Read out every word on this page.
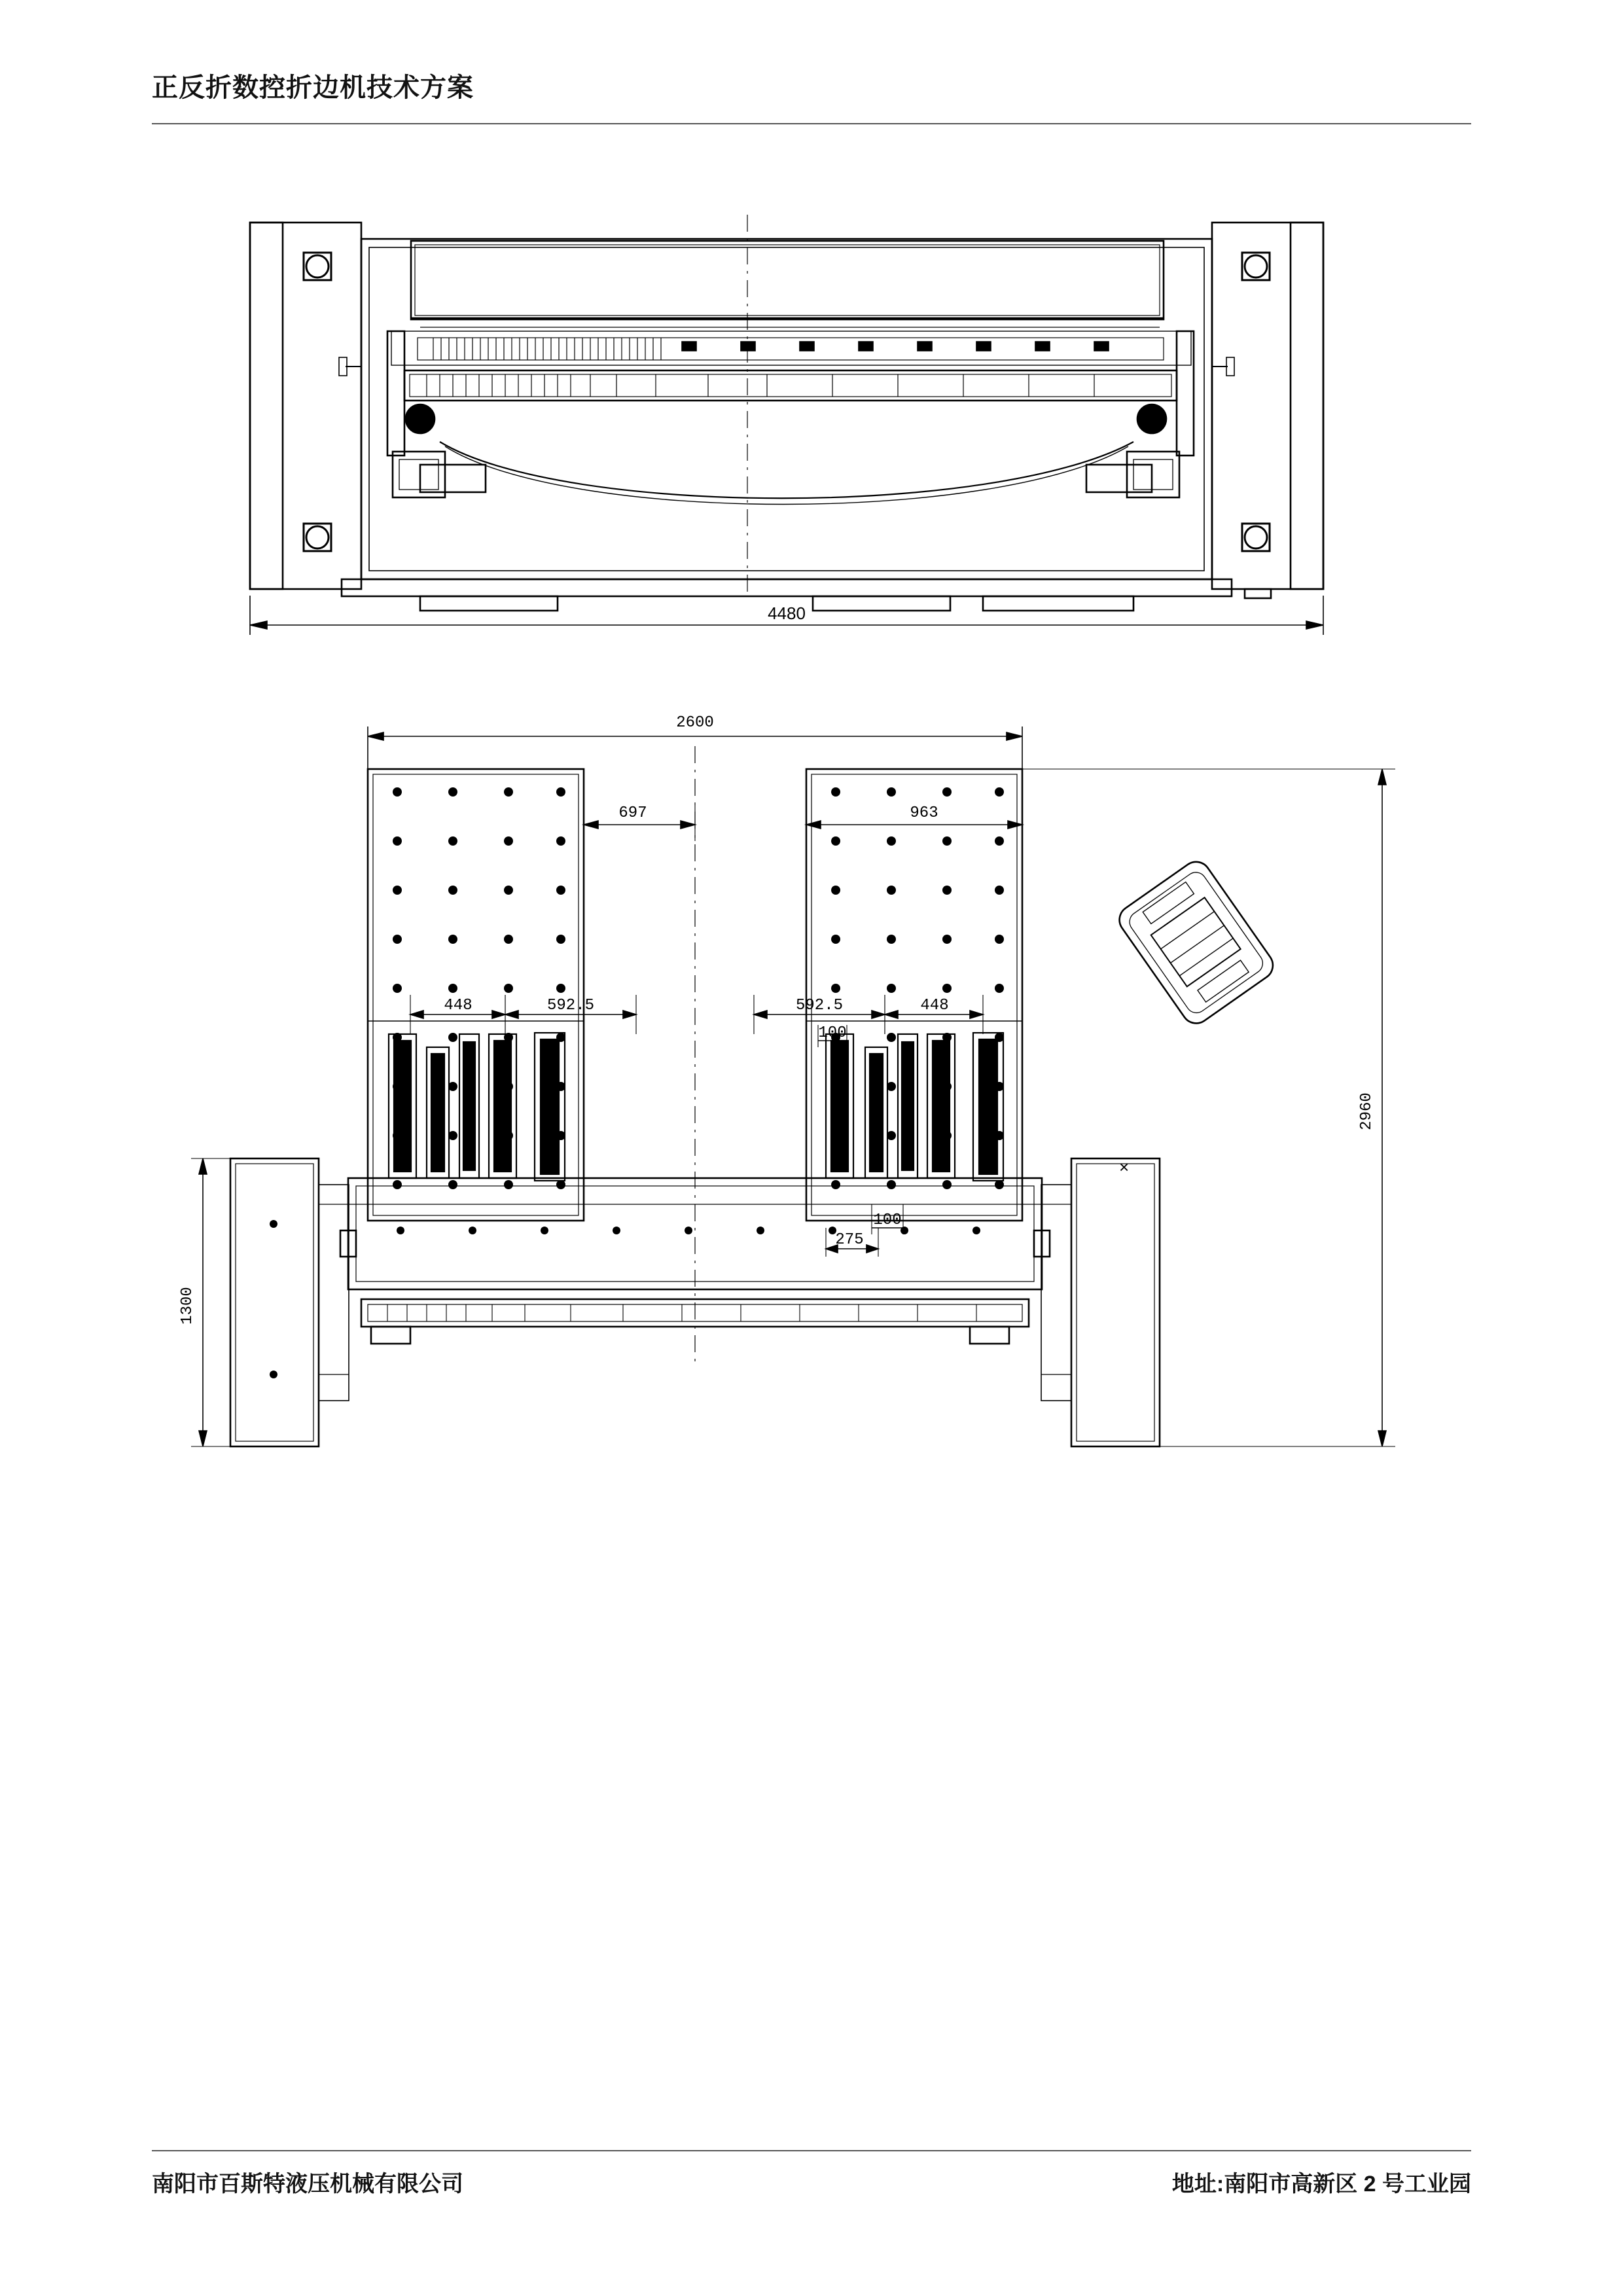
正反折数控折边机技术方案
4480
×
2600
2960
1300
697	963
448	592.5	592.5	448
100
100
275
南阳市百斯特液压机械有限公司	地址:南阳市高新区 2 号工业园
